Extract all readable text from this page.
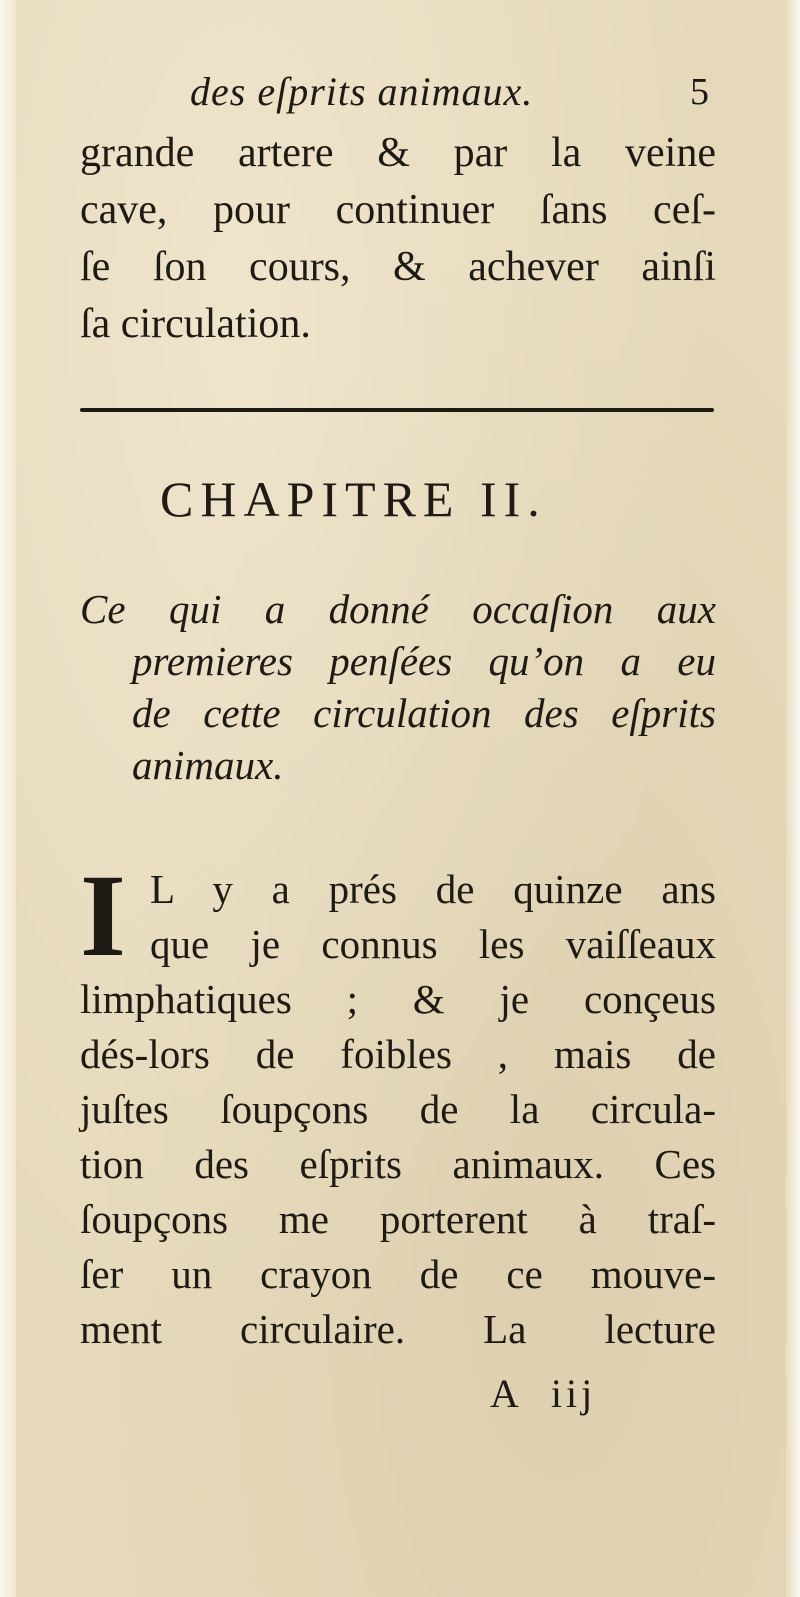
des eſprits animaux.	5
grande artere & par la veine
cave, pour continuer ſans ceſ-
ſe ſon cours, & achever ainſi
ſa circulation.
CHAPITRE II.
Ce qui a donné occaſion aux
premieres penſées qu’on a eu
de cette circulation des eſprits
animaux.
I L y a prés de quinze ans
que je connus les vaiſſeaux
limphatiques ; & je conçeus
dés-lors de foibles , mais de
juſtes ſoupçons de la circula-
tion des eſprits animaux. Ces
ſoupçons me porterent à traſ-
ſer un crayon de ce mouve-
ment circulaire. La lecture
A iij
